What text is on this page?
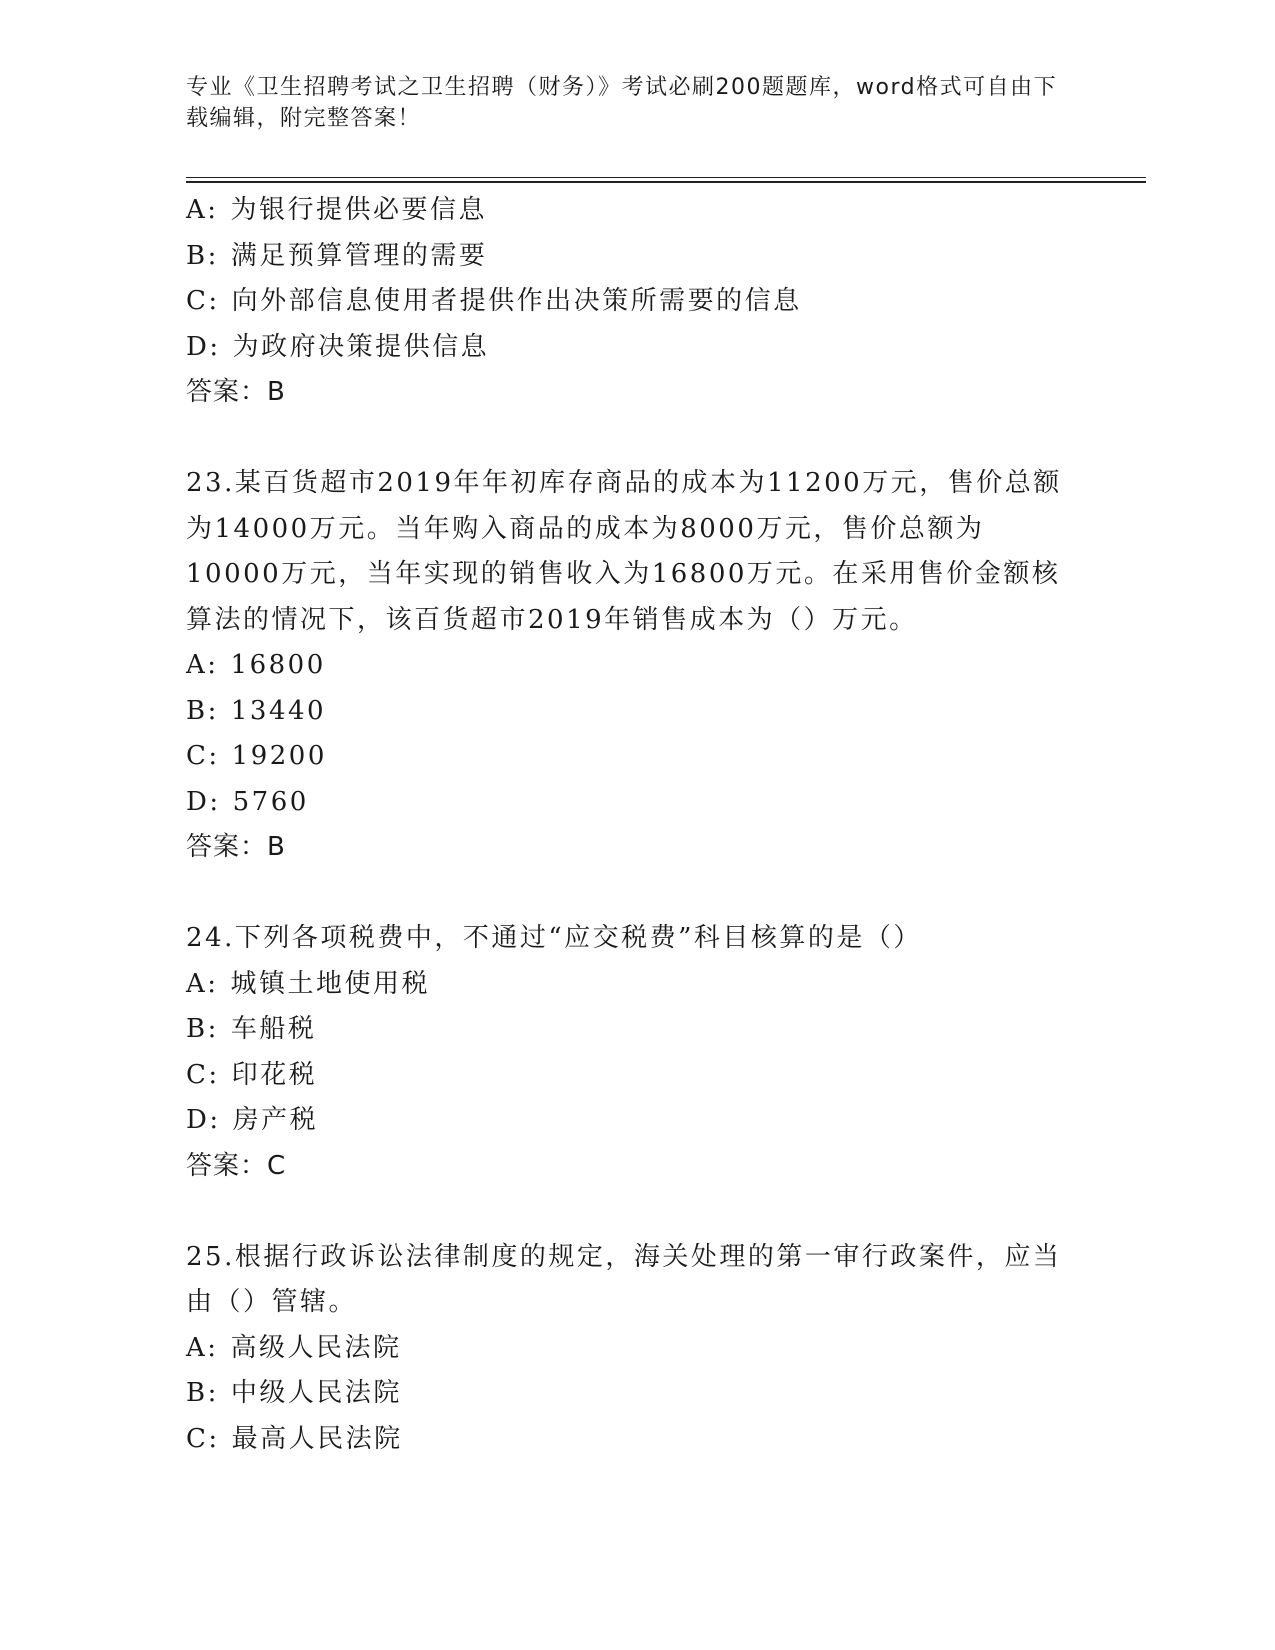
专业《卫生招聘考试之卫生招聘（财务）》考试必刷200题题库，word格式可自由下载编辑，附完整答案！
A: 为银行提供必要信息
B: 满足预算管理的需要
C: 向外部信息使用者提供作出决策所需要的信息
D: 为政府决策提供信息
答案：B
23.某百货超市2019年年初库存商品的成本为11200万元，售价总额为14000万元。当年购入商品的成本为8000万元，售价总额为10000万元，当年实现的销售收入为16800万元。在采用售价金额核算法的情况下，该百货超市2019年销售成本为（）万元。
A: 16800
B: 13440
C: 19200
D: 5760
答案：B
24.下列各项税费中，不通过“应交税费”科目核算的是（）
A: 城镇土地使用税
B: 车船税
C: 印花税
D: 房产税
答案：C
25.根据行政诉讼法律制度的规定，海关处理的第一审行政案件，应当由（）管辖。
A: 高级人民法院
B: 中级人民法院
C: 最高人民法院
